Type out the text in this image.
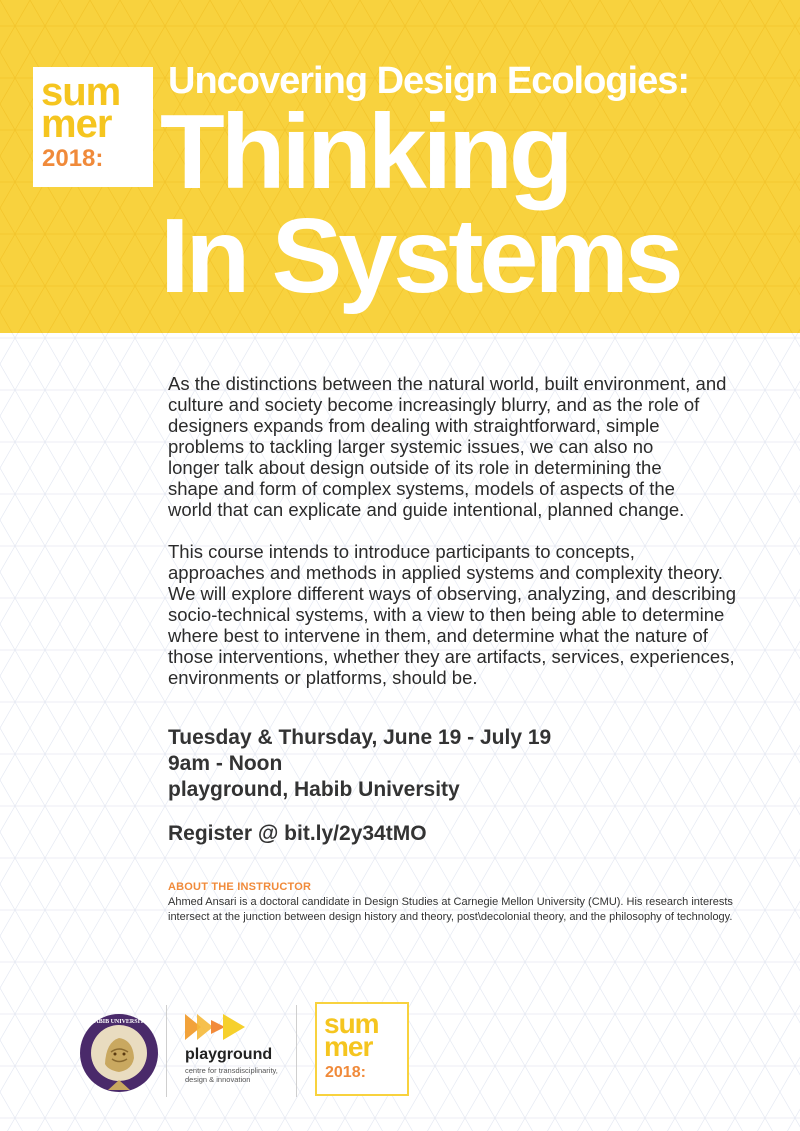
sum
mer
2018:
Uncovering Design Ecologies:
Thinking
In Systems

As the distinctions between the natural world, built environment, and
culture and society become increasingly blurry, and as the role of
designers expands from dealing with straightforward, simple
problems to tackling larger systemic issues, we can also no
longer talk about design outside of its role in determining the
shape and form of complex systems, models of aspects of the
world that can explicate and guide intentional, planned change.

This course intends to introduce participants to concepts,
approaches and methods in applied systems and complexity theory.
We will explore different ways of observing, analyzing, and describing
socio-technical systems, with a view to then being able to determine
where best to intervene in them, and determine what the nature of
those interventions, whether they are artifacts, services, experiences,
environments or platforms, should be.

Tuesday & Thursday, June 19 - July 19
9am - Noon
playground, Habib University
Register @ bit.ly/2y34tMO
ABOUT THE INSTRUCTOR
Ahmed Ansari is a doctoral candidate in Design Studies at Carnegie Mellon University (CMU). His research interests intersect at the junction between design history and theory, post\decolonial theory, and the philosophy of technology.
HABIB UNIVERSITY
playground
centre for transdisciplinarity, design & innovation
sum
mer
2018:
